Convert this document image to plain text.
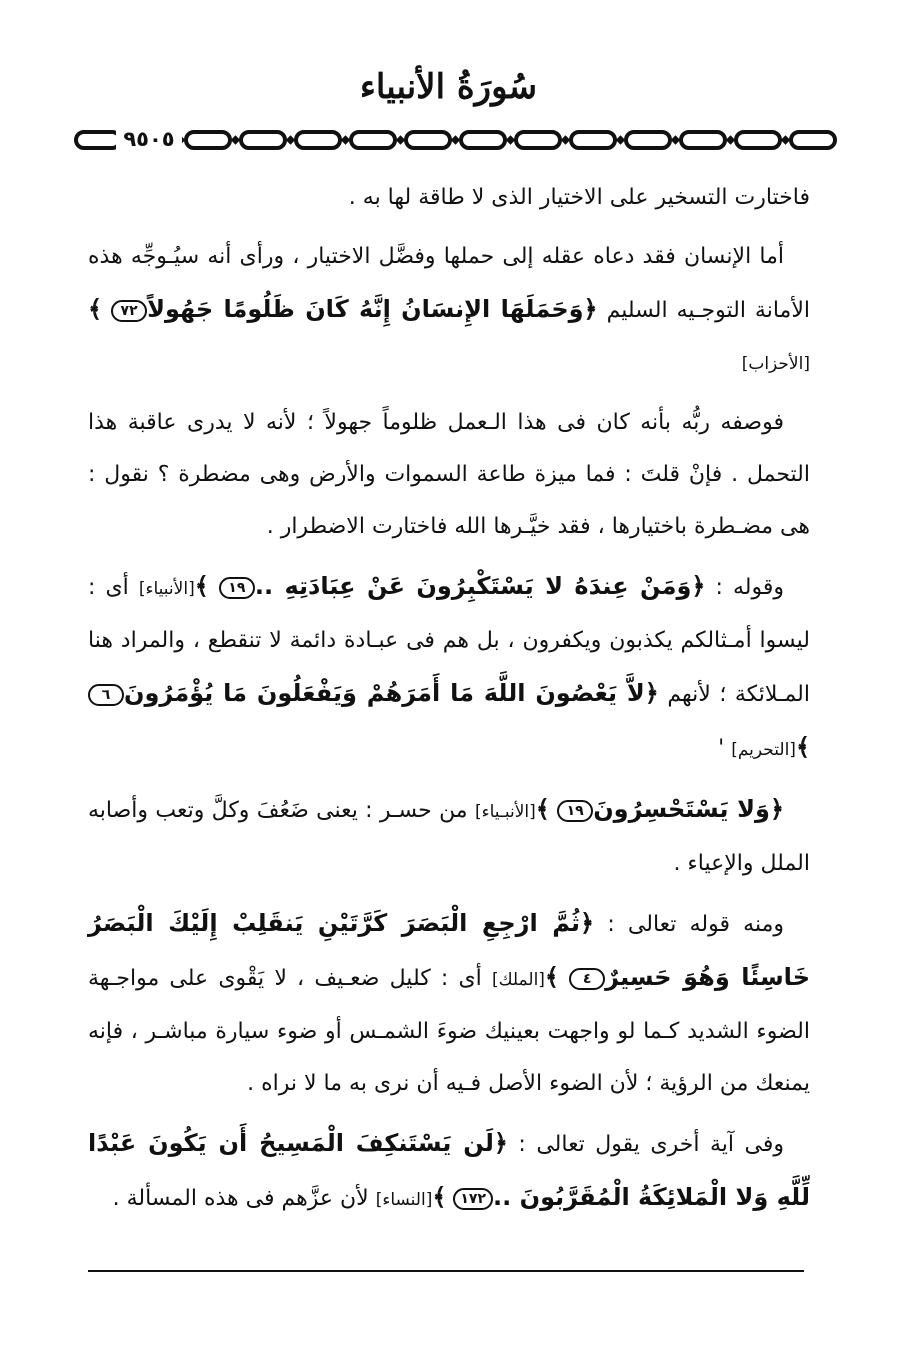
سُورَةُ الأنبياء
٩٥٠٥

فاختارت التسخير على الاختيار الذى لا طاقة لها به .

أما الإنسان فقد دعاه عقله إلى حملها وفضَّل الاختيار ، ورأى أنه سيُـوجِّه هذه الأمانة التوجـيه السليم ﴿وَحَمَلَهَا الإِنسَانُ إِنَّهُ كَانَ ظَلُومًا جَهُولاً٧٢ ﴾[الأحزاب]

فوصفه ربُّه بأنه كان فى هذا الـعمل ظلوماً جهولاً ؛ لأنه لا يدرى عاقبة هذا التحمل . فإنْ قلتَ : فما ميزة طاعة السموات والأرض وهى مضطرة ؟ نقول : هى مضـطرة باختيارها ، فقد خيَّـرها الله فاختارت الاضطرار .

وقوله : ﴿وَمَنْ عِندَهُ لا يَسْتَكْبِرُونَ عَنْ عِبَادَتِهِ ..١٩ ﴾[الأنبياء] أى : ليسوا أمـثالكم يكذبون ويكفرون ، بل هم فى عبـادة دائمة لا تنقطع ، والمراد هنا المـلائكة ؛ لأنهم ﴿لاَّ يَعْصُونَ اللَّهَ مَا أَمَرَهُمْ وَيَفْعَلُونَ مَا يُؤْمَرُونَ٦ ﴾[التحريم] '

﴿وَلا يَسْتَحْسِرُونَ١٩ ﴾[الأنبـياء] من حسـر : يعنى ضَعُفَ وكلَّ وتعب وأصابه الملل والإعياء .

ومنه قوله تعالى : ﴿ثُمَّ ارْجِعِ الْبَصَرَ كَرَّتَيْنِ يَنقَلِبْ إِلَيْكَ الْبَصَرُ خَاسِئًا وَهُوَ حَسِيرٌ٤ ﴾[الملك] أى : كليل ضعـيف ، لا يَقْوى على مواجـهة الضوء الشديد كـما لو واجهت بعينيك ضوءَ الشمـس أو ضوء سيارة مباشـر ، فإنه يمنعك من الرؤية ؛ لأن الضوء الأصل فـيه أن نرى به ما لا نراه .

وفى آية أخرى يقول تعالى : ﴿لَن يَسْتَنكِفَ الْمَسِيحُ أَن يَكُونَ عَبْدًا لِّلَّهِ وَلا الْمَلائِكَةُ الْمُقَرَّبُونَ ..١٧٢ ﴾[النساء] لأن عزَّهم فى هذه المسألة .
